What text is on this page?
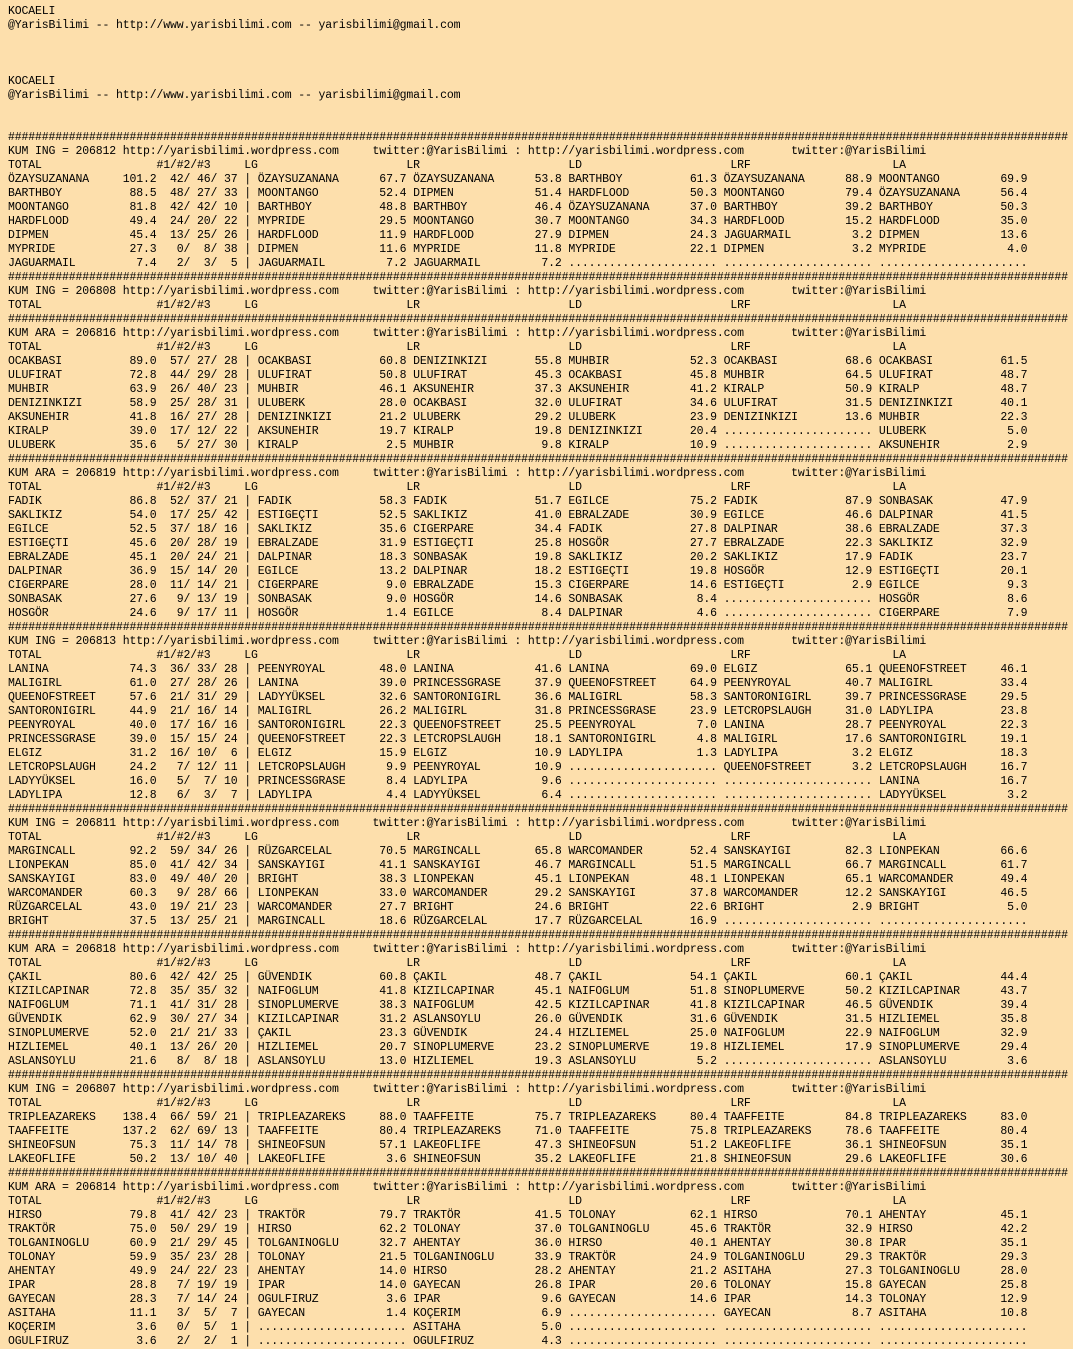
KOCAELI
@YarisBilimi -- http://www.yarisbilimi.com -- yarisbilimi@gmail.com
KOCAELI
@YarisBilimi -- http://www.yarisbilimi.com -- yarisbilimi@gmail.com
#############################################################################################################################################################
KUM ING = 206812 http://yarisbilimi.wordpress.com     twitter:@YarisBilimi : http://yarisbilimi.wordpress.com       twitter:@YarisBilimi
TOTAL                 #1/#2/#3     LG                      LR                      LD                      LRF                     LA
ÖZAYSUZANANA     101.2  42/ 46/ 37 | ÖZAYSUZANANA      67.7 ÖZAYSUZANANA      53.8 BARTHBOY          61.3 ÖZAYSUZANANA      88.9 MOONTANGO         69.9
BARTHBOY          88.5  48/ 27/ 33 | MOONTANGO         52.4 DIPMEN            51.4 HARDFLOOD         50.3 MOONTANGO         79.4 ÖZAYSUZANANA      56.4
MOONTANGO         81.8  42/ 42/ 10 | BARTHBOY          48.8 BARTHBOY          46.4 ÖZAYSUZANANA      37.0 BARTHBOY          39.2 BARTHBOY          50.3
HARDFLOOD         49.4  24/ 20/ 22 | MYPRIDE           29.5 MOONTANGO         30.7 MOONTANGO         34.3 HARDFLOOD         15.2 HARDFLOOD         35.0
DIPMEN            45.4  13/ 25/ 26 | HARDFLOOD         11.9 HARDFLOOD         27.9 DIPMEN            24.3 JAGUARMAIL         3.2 DIPMEN            13.6
MYPRIDE           27.3   0/  8/ 38 | DIPMEN            11.6 MYPRIDE           11.8 MYPRIDE           22.1 DIPMEN             3.2 MYPRIDE            4.0
JAGUARMAIL         7.4   2/  3/  5 | JAGUARMAIL         7.2 JAGUARMAIL         7.2 ...................... ...................... ......................
#############################################################################################################################################################
KUM ING = 206808 http://yarisbilimi.wordpress.com     twitter:@YarisBilimi : http://yarisbilimi.wordpress.com       twitter:@YarisBilimi
TOTAL                 #1/#2/#3     LG                      LR                      LD                      LRF                     LA
#############################################################################################################################################################
KUM ARA = 206816 http://yarisbilimi.wordpress.com     twitter:@YarisBilimi : http://yarisbilimi.wordpress.com       twitter:@YarisBilimi
TOTAL                 #1/#2/#3     LG                      LR                      LD                      LRF                     LA
OCAKBASI          89.0  57/ 27/ 28 | OCAKBASI          60.8 DENIZINKIZI       55.8 MUHBIR            52.3 OCAKBASI          68.6 OCAKBASI          61.5
ULUFIRAT          72.8  44/ 29/ 28 | ULUFIRAT          50.8 ULUFIRAT          45.3 OCAKBASI          45.8 MUHBIR            64.5 ULUFIRAT          48.7
MUHBIR            63.9  26/ 40/ 23 | MUHBIR            46.1 AKSUNEHIR         37.3 AKSUNEHIR         41.2 KIRALP            50.9 KIRALP            48.7
DENIZINKIZI       58.9  25/ 28/ 31 | ULUBERK           28.0 OCAKBASI          32.0 ULUFIRAT          34.6 ULUFIRAT          31.5 DENIZINKIZI       40.1
AKSUNEHIR         41.8  16/ 27/ 28 | DENIZINKIZI       21.2 ULUBERK           29.2 ULUBERK           23.9 DENIZINKIZI       13.6 MUHBIR            22.3
KIRALP            39.0  17/ 12/ 22 | AKSUNEHIR         19.7 KIRALP            19.8 DENIZINKIZI       20.4 ...................... ULUBERK            5.0
ULUBERK           35.6   5/ 27/ 30 | KIRALP             2.5 MUHBIR             9.8 KIRALP            10.9 ...................... AKSUNEHIR          2.9
#############################################################################################################################################################
KUM ARA = 206819 http://yarisbilimi.wordpress.com     twitter:@YarisBilimi : http://yarisbilimi.wordpress.com       twitter:@YarisBilimi
TOTAL                 #1/#2/#3     LG                      LR                      LD                      LRF                     LA
FADIK             86.8  52/ 37/ 21 | FADIK             58.3 FADIK             51.7 EGILCE            75.2 FADIK             87.9 SONBASAK          47.9
SAKLIKIZ          54.0  17/ 25/ 42 | ESTIGEÇTI         52.5 SAKLIKIZ          41.0 EBRALZADE         30.9 EGILCE            46.6 DALPINAR          41.5
EGILCE            52.5  37/ 18/ 16 | SAKLIKIZ          35.6 CIGERPARE         34.4 FADIK             27.8 DALPINAR          38.6 EBRALZADE         37.3
ESTIGEÇTI         45.6  20/ 28/ 19 | EBRALZADE         31.9 ESTIGEÇTI         25.8 HOSGÖR            27.7 EBRALZADE         22.3 SAKLIKIZ          32.9
EBRALZADE         45.1  20/ 24/ 21 | DALPINAR          18.3 SONBASAK          19.8 SAKLIKIZ          20.2 SAKLIKIZ          17.9 FADIK             23.7
DALPINAR          36.9  15/ 14/ 20 | EGILCE            13.2 DALPINAR          18.2 ESTIGEÇTI         19.8 HOSGÖR            12.9 ESTIGEÇTI         20.1
CIGERPARE         28.0  11/ 14/ 21 | CIGERPARE          9.0 EBRALZADE         15.3 CIGERPARE         14.6 ESTIGEÇTI          2.9 EGILCE             9.3
SONBASAK          27.6   9/ 13/ 19 | SONBASAK           9.0 HOSGÖR            14.6 SONBASAK           8.4 ...................... HOSGÖR             8.6
HOSGÖR            24.6   9/ 17/ 11 | HOSGÖR             1.4 EGILCE             8.4 DALPINAR           4.6 ...................... CIGERPARE          7.9
#############################################################################################################################################################
KUM ING = 206813 http://yarisbilimi.wordpress.com     twitter:@YarisBilimi : http://yarisbilimi.wordpress.com       twitter:@YarisBilimi
TOTAL                 #1/#2/#3     LG                      LR                      LD                      LRF                     LA
LANINA            74.3  36/ 33/ 28 | PEENYROYAL        48.0 LANINA            41.6 LANINA            69.0 ELGIZ             65.1 QUEENOFSTREET     46.1
MALIGIRL          61.0  27/ 28/ 26 | LANINA            39.0 PRINCESSGRASE     37.9 QUEENOFSTREET     64.9 PEENYROYAL        40.7 MALIGIRL          33.4
QUEENOFSTREET     57.6  21/ 31/ 29 | LADYYÜKSEL        32.6 SANTORONIGIRL     36.6 MALIGIRL          58.3 SANTORONIGIRL     39.7 PRINCESSGRASE     29.5
SANTORONIGIRL     44.9  21/ 16/ 14 | MALIGIRL          26.2 MALIGIRL          31.8 PRINCESSGRASE     23.9 LETCROPSLAUGH     31.0 LADYLIPA          23.8
PEENYROYAL        40.0  17/ 16/ 16 | SANTORONIGIRL     22.3 QUEENOFSTREET     25.5 PEENYROYAL         7.0 LANINA            28.7 PEENYROYAL        22.3
PRINCESSGRASE     39.0  15/ 15/ 24 | QUEENOFSTREET     22.3 LETCROPSLAUGH     18.1 SANTORONIGIRL      4.8 MALIGIRL          17.6 SANTORONIGIRL     19.1
ELGIZ             31.2  16/ 10/  6 | ELGIZ             15.9 ELGIZ             10.9 LADYLIPA           1.3 LADYLIPA           3.2 ELGIZ             18.3
LETCROPSLAUGH     24.2   7/ 12/ 11 | LETCROPSLAUGH      9.9 PEENYROYAL        10.9 ...................... QUEENOFSTREET      3.2 LETCROPSLAUGH     16.7
LADYYÜKSEL        16.0   5/  7/ 10 | PRINCESSGRASE      8.4 LADYLIPA           9.6 ...................... ...................... LANINA            16.7
LADYLIPA          12.8   6/  3/  7 | LADYLIPA           4.4 LADYYÜKSEL         6.4 ...................... ...................... LADYYÜKSEL         3.2
#############################################################################################################################################################
KUM ING = 206811 http://yarisbilimi.wordpress.com     twitter:@YarisBilimi : http://yarisbilimi.wordpress.com       twitter:@YarisBilimi
TOTAL                 #1/#2/#3     LG                      LR                      LD                      LRF                     LA
MARGINCALL        92.2  59/ 34/ 26 | RÜZGARCELAL       70.5 MARGINCALL        65.8 WARCOMANDER       52.4 SANSKAYIGI        82.3 LIONPEKAN         66.6
LIONPEKAN         85.0  41/ 42/ 34 | SANSKAYIGI        41.1 SANSKAYIGI        46.7 MARGINCALL        51.5 MARGINCALL        66.7 MARGINCALL        61.7
SANSKAYIGI        83.0  49/ 40/ 20 | BRIGHT            38.3 LIONPEKAN         45.1 LIONPEKAN         48.1 LIONPEKAN         65.1 WARCOMANDER       49.4
WARCOMANDER       60.3   9/ 28/ 66 | LIONPEKAN         33.0 WARCOMANDER       29.2 SANSKAYIGI        37.8 WARCOMANDER       12.2 SANSKAYIGI        46.5
RÜZGARCELAL       43.0  19/ 21/ 23 | WARCOMANDER       27.7 BRIGHT            24.6 BRIGHT            22.6 BRIGHT             2.9 BRIGHT             5.0
BRIGHT            37.5  13/ 25/ 21 | MARGINCALL        18.6 RÜZGARCELAL       17.7 RÜZGARCELAL       16.9 ...................... ......................
#############################################################################################################################################################
KUM ARA = 206818 http://yarisbilimi.wordpress.com     twitter:@YarisBilimi : http://yarisbilimi.wordpress.com       twitter:@YarisBilimi
TOTAL                 #1/#2/#3     LG                      LR                      LD                      LRF                     LA
ÇAKIL             80.6  42/ 42/ 25 | GÜVENDIK          60.8 ÇAKIL             48.7 ÇAKIL             54.1 ÇAKIL             60.1 ÇAKIL             44.4
KIZILCAPINAR      72.8  35/ 35/ 32 | NAIFOGLUM         41.8 KIZILCAPINAR      45.1 NAIFOGLUM         51.8 SINOPLUMERVE      50.2 KIZILCAPINAR      43.7
NAIFOGLUM         71.1  41/ 31/ 28 | SINOPLUMERVE      38.3 NAIFOGLUM         42.5 KIZILCAPINAR      41.8 KIZILCAPINAR      46.5 GÜVENDIK          39.4
GÜVENDIK          62.9  30/ 27/ 34 | KIZILCAPINAR      31.2 ASLANSOYLU        26.0 GÜVENDIK          31.6 GÜVENDIK          31.5 HIZLIEMEL         35.8
SINOPLUMERVE      52.0  21/ 21/ 33 | ÇAKIL             23.3 GÜVENDIK          24.4 HIZLIEMEL         25.0 NAIFOGLUM         22.9 NAIFOGLUM         32.9
HIZLIEMEL         40.1  13/ 26/ 20 | HIZLIEMEL         20.7 SINOPLUMERVE      23.2 SINOPLUMERVE      19.8 HIZLIEMEL         17.9 SINOPLUMERVE      29.4
ASLANSOYLU        21.6   8/  8/ 18 | ASLANSOYLU        13.0 HIZLIEMEL         19.3 ASLANSOYLU         5.2 ...................... ASLANSOYLU         3.6
#############################################################################################################################################################
KUM ING = 206807 http://yarisbilimi.wordpress.com     twitter:@YarisBilimi : http://yarisbilimi.wordpress.com       twitter:@YarisBilimi
TOTAL                 #1/#2/#3     LG                      LR                      LD                      LRF                     LA
TRIPLEAZAREKS    138.4  66/ 59/ 21 | TRIPLEAZAREKS     88.0 TAAFFEITE         75.7 TRIPLEAZAREKS     80.4 TAAFFEITE         84.8 TRIPLEAZAREKS     83.0
TAAFFEITE        137.2  62/ 69/ 13 | TAAFFEITE         80.4 TRIPLEAZAREKS     71.0 TAAFFEITE         75.8 TRIPLEAZAREKS     78.6 TAAFFEITE         80.4
SHINEOFSUN        75.3  11/ 14/ 78 | SHINEOFSUN        57.1 LAKEOFLIFE        47.3 SHINEOFSUN        51.2 LAKEOFLIFE        36.1 SHINEOFSUN        35.1
LAKEOFLIFE        50.2  13/ 10/ 40 | LAKEOFLIFE         3.6 SHINEOFSUN        35.2 LAKEOFLIFE        21.8 SHINEOFSUN        29.6 LAKEOFLIFE        30.6
#############################################################################################################################################################
KUM ARA = 206814 http://yarisbilimi.wordpress.com     twitter:@YarisBilimi : http://yarisbilimi.wordpress.com       twitter:@YarisBilimi
TOTAL                 #1/#2/#3     LG                      LR                      LD                      LRF                     LA
HIRSO             79.8  41/ 42/ 23 | TRAKTÖR           79.7 TRAKTÖR           41.5 TOLONAY           62.1 HIRSO             70.1 AHENTAY           45.1
TRAKTÖR           75.0  50/ 29/ 19 | HIRSO             62.2 TOLONAY           37.0 TOLGANINOGLU      45.6 TRAKTÖR           32.9 HIRSO             42.2
TOLGANINOGLU      60.9  21/ 29/ 45 | TOLGANINOGLU      32.7 AHENTAY           36.0 HIRSO             40.1 AHENTAY           30.8 IPAR              35.1
TOLONAY           59.9  35/ 23/ 28 | TOLONAY           21.5 TOLGANINOGLU      33.9 TRAKTÖR           24.9 TOLGANINOGLU      29.3 TRAKTÖR           29.3
AHENTAY           49.9  24/ 22/ 23 | AHENTAY           14.0 HIRSO             28.2 AHENTAY           21.2 ASITAHA           27.3 TOLGANINOGLU      28.0
IPAR              28.8   7/ 19/ 19 | IPAR              14.0 GAYECAN           26.8 IPAR              20.6 TOLONAY           15.8 GAYECAN           25.8
GAYECAN           28.3   7/ 14/ 24 | OGULFIRUZ          3.6 IPAR               9.6 GAYECAN           14.6 IPAR              14.3 TOLONAY           12.9
ASITAHA           11.1   3/  5/  7 | GAYECAN            1.4 KOÇERIM            6.9 ...................... GAYECAN            8.7 ASITAHA           10.8
KOÇERIM            3.6   0/  5/  1 | ...................... ASITAHA            5.0 ...................... ...................... ......................
OGULFIRUZ          3.6   2/  2/  1 | ...................... OGULFIRUZ          4.3 ...................... ...................... ......................
